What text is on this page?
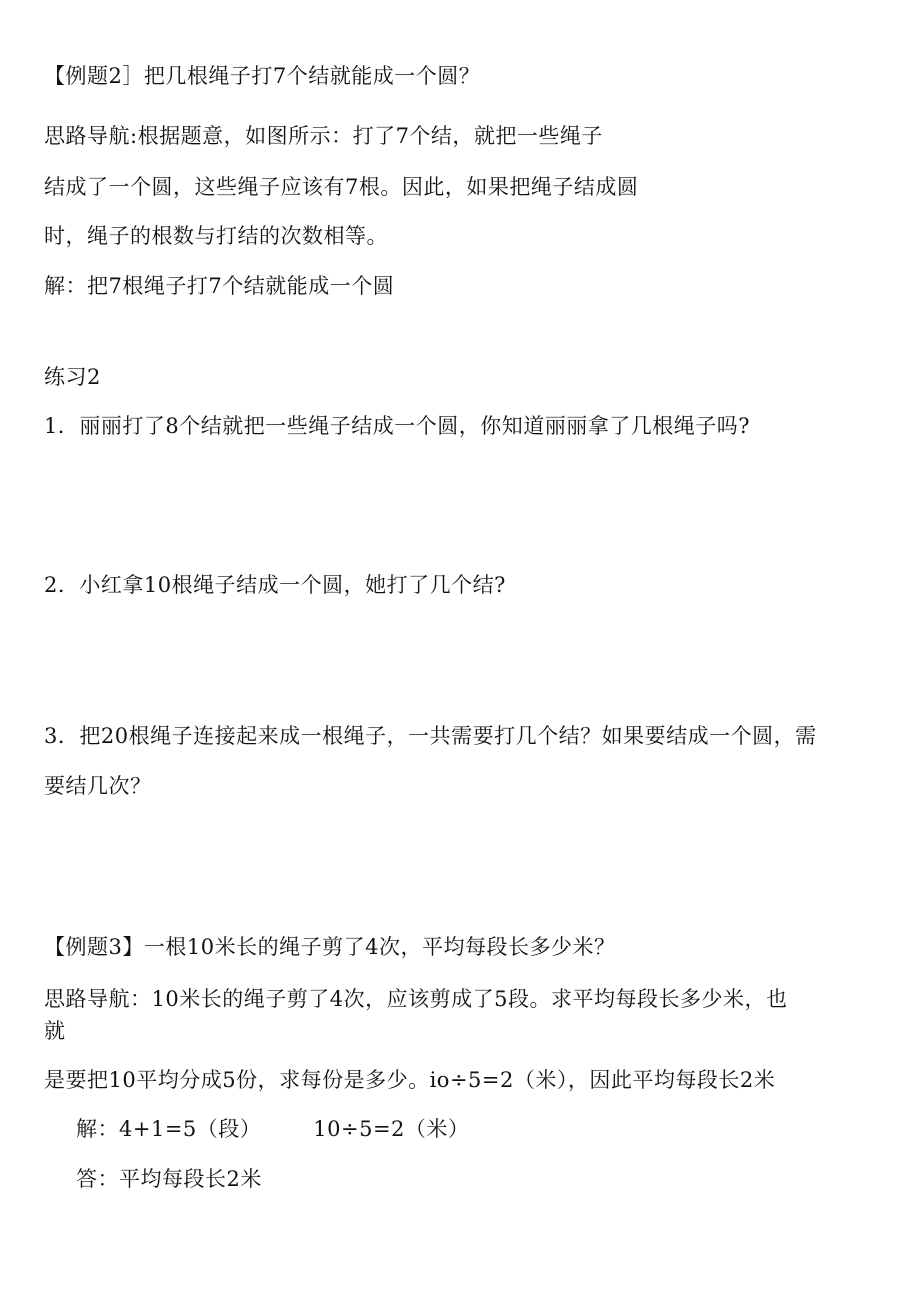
【例题2］把几根绳子打7个结就能成一个圆？
思路导航:根据题意，如图所示：打了7个结，就把一些绳子
结成了一个圆，这些绳子应该有7根。因此，如果把绳子结成圆
时，绳子的根数与打结的次数相等。
解：把7根绳子打7个结就能成一个圆
练习2
1．丽丽打了8个结就把一些绳子结成一个圆，你知道丽丽拿了几根绳子吗?
2．小红拿10根绳子结成一个圆，她打了几个结?
3．把20根绳子连接起来成一根绳子，一共需要打几个结？如果要结成一个圆，需
要结几次？
【例题3】一根10米长的绳子剪了4次，平均每段长多少米？
思路导航：10米长的绳子剪了4次，应该剪成了5段。求平均每段长多少米，也
就
是要把10平均分成5份，求每份是多少。io÷5=2（米），因此平均每段长2米
解：4+1=5（段） 10÷5=2（米）
答：平均每段长2米
